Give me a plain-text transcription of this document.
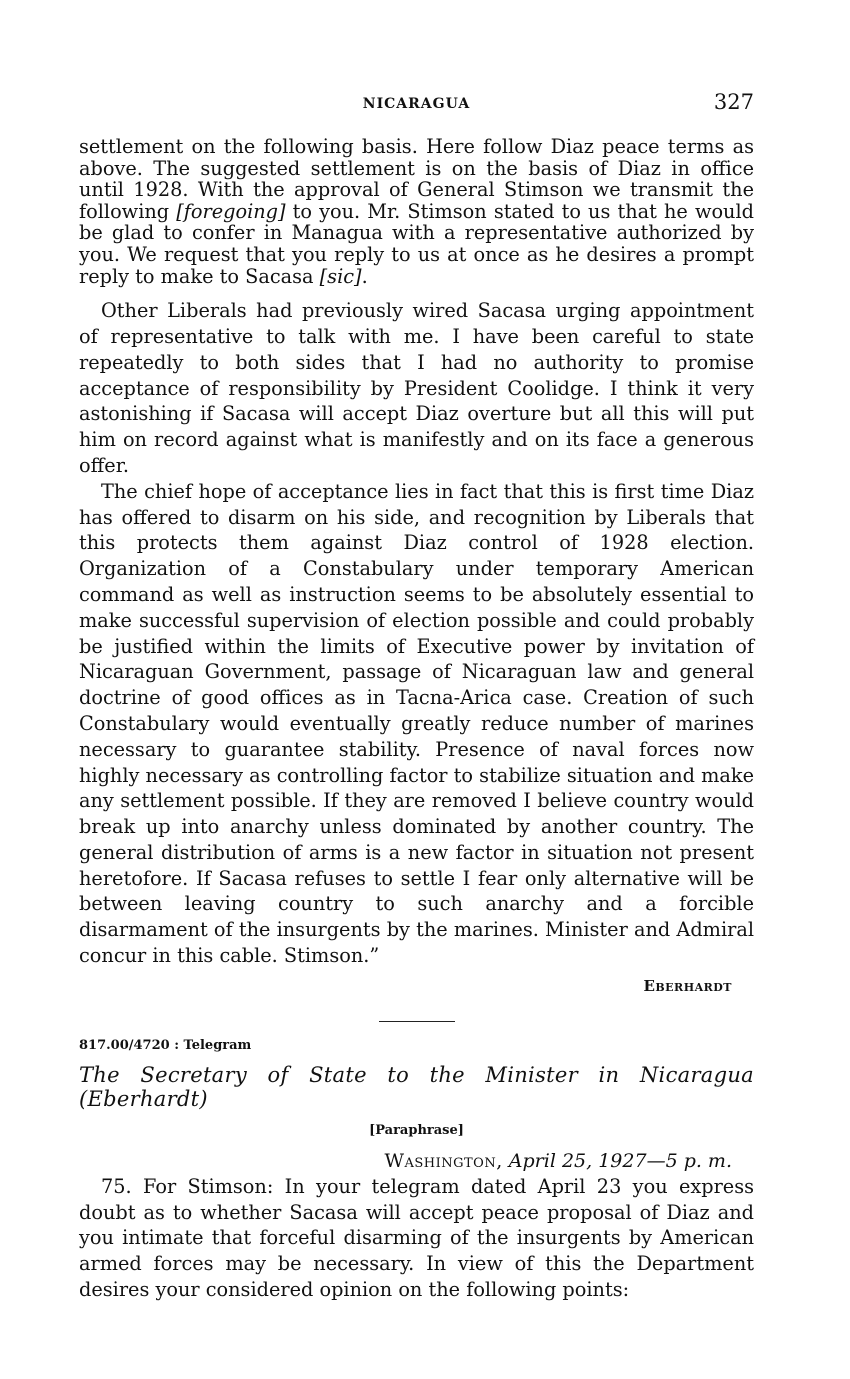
NICARAGUA	327

settlement on the following basis. Here follow Diaz peace terms as above. The suggested settlement is on the basis of Diaz in office until 1928. With the approval of General Stimson we transmit the following [foregoing] to you. Mr. Stimson stated to us that he would be glad to confer in Managua with a representative authorized by you. We request that you reply to us at once as he desires a prompt reply to make to Sacasa [sic].

Other Liberals had previously wired Sacasa urging appointment of representative to talk with me. I have been careful to state repeatedly to both sides that I had no authority to promise acceptance of responsibility by President Coolidge. I think it very astonishing if Sacasa will accept Diaz overture but all this will put him on record against what is manifestly and on its face a generous offer.

The chief hope of acceptance lies in fact that this is first time Diaz has offered to disarm on his side, and recognition by Liberals that this protects them against Diaz control of 1928 election. Organization of a Constabulary under temporary American command as well as instruction seems to be absolutely essential to make successful supervision of election possible and could probably be justified within the limits of Executive power by invitation of Nicaraguan Government, passage of Nicaraguan law and general doctrine of good offices as in Tacna-Arica case. Creation of such Constabulary would eventually greatly reduce number of marines necessary to guarantee stability. Presence of naval forces now highly necessary as controlling factor to stabilize situation and make any settlement possible. If they are removed I believe country would break up into anarchy unless dominated by another country. The general distribution of arms is a new factor in situation not present heretofore. If Sacasa refuses to settle I fear only alternative will be between leaving country to such anarchy and a forcible disarmament of the insurgents by the marines. Minister and Admiral concur in this cable. Stimson.”

Eberhardt
817.00/4720 : Telegram
The Secretary of State to the Minister in Nicaragua (Eberhardt)
[Paraphrase]
Washington, April 25, 1927—5 p. m.

75. For Stimson: In your telegram dated April 23 you express doubt as to whether Sacasa will accept peace proposal of Diaz and you intimate that forceful disarming of the insurgents by American armed forces may be necessary. In view of this the Department desires your considered opinion on the following points:
